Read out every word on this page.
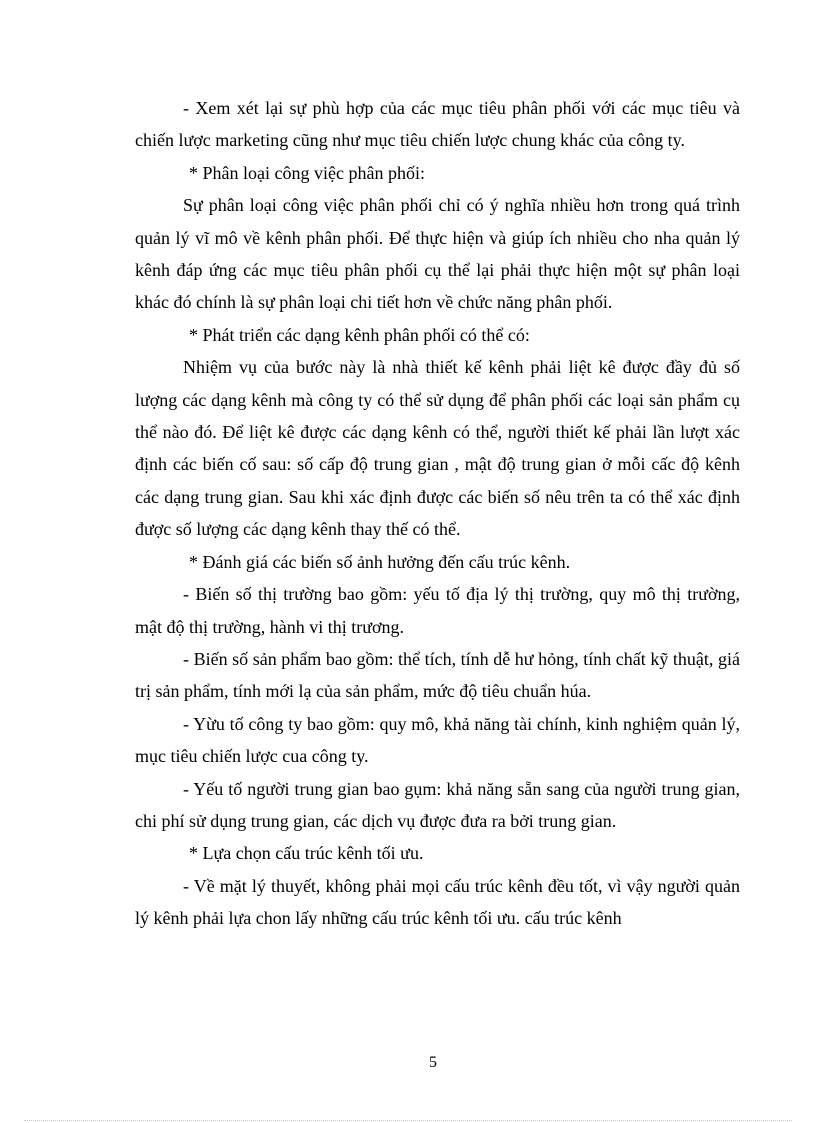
- Xem xét lại sự phù hợp của các mục tiêu phân phối với các mục tiêu và chiến lược marketing cũng như mục tiêu chiến lược chung khác của công ty.

* Phân loại công việc phân phối:

Sự phân loại công việc phân phối chỉ có ý nghĩa nhiều hơn trong quá trình quản lý vĩ mô về kênh phân phối. Để thực hiện và giúp ích nhiều cho nha quản lý kênh đáp ứng các mục tiêu phân phối cụ thể lại phải thực hiện một sự phân loại khác đó chính là sự phân loại chi tiết hơn về chức năng phân phối.

* Phát triển các dạng kênh phân phối có thể có:

Nhiệm vụ của bước này là nhà thiết kế kênh phải liệt kê được đầy đủ số lượng các dạng kênh mà công ty có thể sử dụng để phân phối các loại sản phẩm cụ thể nào đó. Để liệt kê được các dạng kênh có thể, người thiết kế phải lần lượt xác định các biến cố sau: số cấp độ trung gian , mật độ trung gian ở mỗi cấc độ kênh các dạng trung gian. Sau khi xác định được các biến số nêu trên ta có thể xác định được số lượng các dạng kênh thay thế có thể.

* Đánh giá các biến số ảnh hưởng đến cấu trúc kênh.

- Biến số thị trường bao gồm: yếu tố địa lý thị trường, quy mô thị trường, mật độ thị trường, hành vi thị trương.

- Biến số sản phẩm bao gồm: thể tích, tính dễ hư hỏng, tính chất kỹ thuật, giá trị sản phẩm, tính mới lạ của sản phẩm, mức độ tiêu chuẩn húa.

- Yừu tố công ty bao gồm: quy mô, khả năng tài chính, kinh nghiệm quản lý, mục tiêu chiến lược cua công ty.

- Yếu tố người trung gian bao gụm: khả năng sẵn sang của người trung gian, chi phí sử dụng trung gian, các dịch vụ được đưa ra bởi trung gian.

* Lựa chọn cấu trúc kênh tối ưu.

- Về mặt lý thuyết, không phải mọi cấu trúc kênh đều tốt, vì vậy người quản lý kênh phải lựa chon lấy những cấu trúc kênh tối ưu. cấu trúc kênh

5
